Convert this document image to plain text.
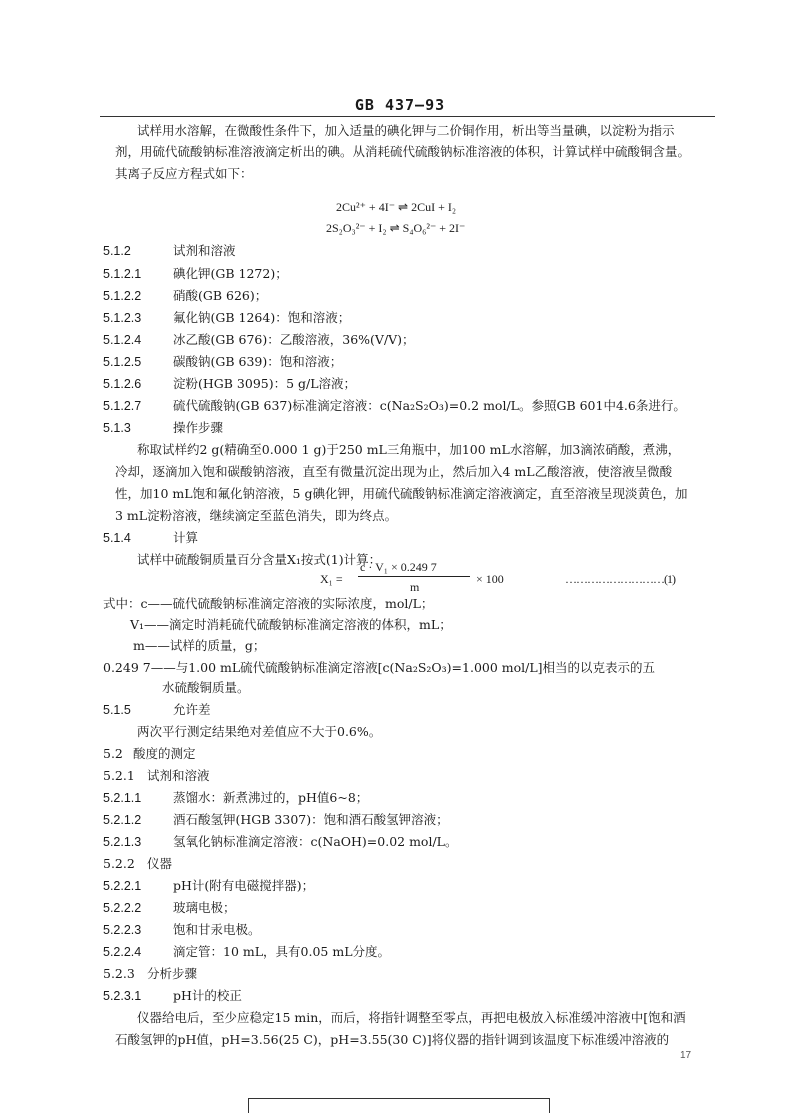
GB 437—93
试样用水溶解，在微酸性条件下，加入适量的碘化钾与二价铜作用，析出等当量碘，以淀粉为指示
剂，用硫代硫酸钠标准溶液滴定析出的碘。从消耗硫代硫酸钠标准溶液的体积，计算试样中硫酸铜含量。
其离子反应方程式如下：
2Cu²⁺ + 4I⁻ ⇌ 2CuI + I₂
2S₂O₃²⁻ + I₂ ⇌ S₄O₆²⁻ + 2I⁻
5.1.2	试剂和溶液
5.1.2.1	碘化钾(GB 1272)；
5.1.2.2	硝酸(GB 626)；
5.1.2.3	氟化钠(GB 1264)：饱和溶液；
5.1.2.4	冰乙酸(GB 676)：乙酸溶液，36%(V/V)；
5.1.2.5	碳酸钠(GB 639)：饱和溶液；
5.1.2.6	淀粉(HGB 3095)：5 g/L溶液；
5.1.2.7	硫代硫酸钠(GB 637)标准滴定溶液：c(Na₂S₂O₃)=0.2 mol/L。参照GB 601中4.6条进行。
5.1.3	操作步骤
称取试样约2 g(精确至0.000 1 g)于250 mL三角瓶中，加100 mL水溶解，加3滴浓硝酸，煮沸，
冷却，逐滴加入饱和碳酸钠溶液，直至有微量沉淀出现为止，然后加入4 mL乙酸溶液，使溶液呈微酸
性，加10 mL饱和氟化钠溶液，5 g碘化钾，用硫代硫酸钠标准滴定溶液滴定，直至溶液呈现淡黄色，加
3 mL淀粉溶液，继续滴定至蓝色消失，即为终点。
5.1.4	计算
试样中硫酸铜质量百分含量X₁按式(1)计算：
X₁ =
c · V₁ × 0.249 7
m
× 100	………………………(1)
式中：c——硫代硫酸钠标准滴定溶液的实际浓度，mol/L；
V₁——滴定时消耗硫代硫酸钠标准滴定溶液的体积，mL；
m——试样的质量，g；
0.249 7——与1.00 mL硫代硫酸钠标准滴定溶液[c(Na₂S₂O₃)=1.000 mol/L]相当的以克表示的五
水硫酸铜质量。
5.1.5	允许差
两次平行测定结果绝对差值应不大于0.6%。
5.2 酸度的测定
5.2.1 试剂和溶液
5.2.1.1	蒸馏水：新煮沸过的，pH值6~8；
5.2.1.2	酒石酸氢钾(HGB 3307)：饱和酒石酸氢钾溶液；
5.2.1.3	氢氧化钠标准滴定溶液：c(NaOH)=0.02 mol/L。
5.2.2 仪器
5.2.2.1	pH计(附有电磁搅拌器)；
5.2.2.2	玻璃电极；
5.2.2.3	饱和甘汞电极。
5.2.2.4	滴定管：10 mL，具有0.05 mL分度。
5.2.3 分析步骤
5.2.3.1	pH计的校正
仪器给电后，至少应稳定15 min，而后，将指针调整至零点，再把电极放入标准缓冲溶液中[饱和酒
石酸氢钾的pH值，pH=3.56(25 C)，pH=3.55(30 C)]将仪器的指针调到该温度下标准缓冲溶液的
17
